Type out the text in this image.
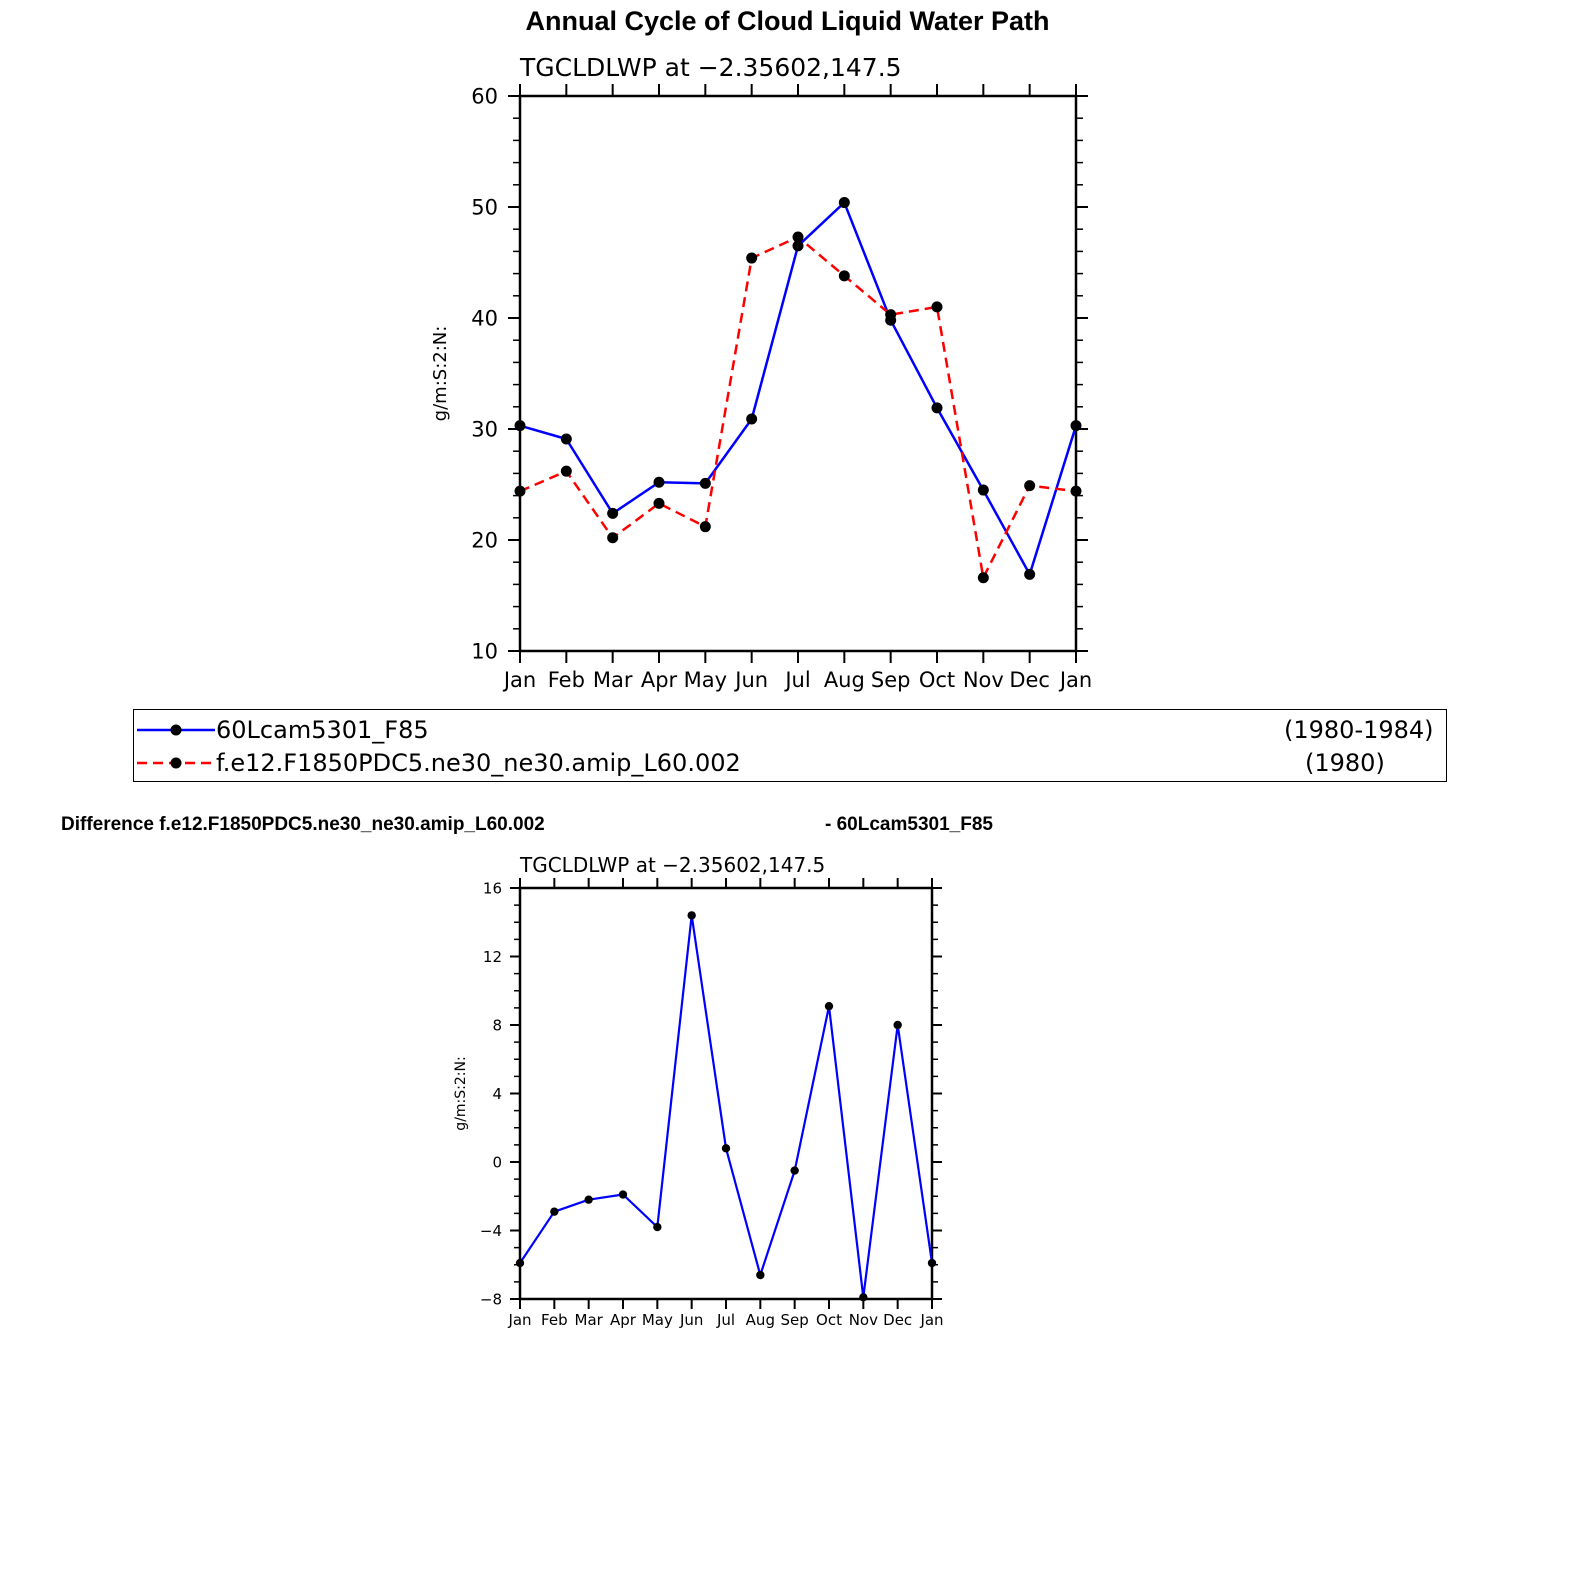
Annual Cycle of Cloud Liquid Water Path
TGCLDLWP at −2.35602,147.5
Jan Feb Mar Apr May Jun Jul Aug Sep Oct Nov Dec Jan
10
20
30
40
50
60
g/m:S:2:N:
TGCLDLWP at −2.35602,147.5
Jan Feb Mar Apr May Jun Jul Aug Sep Oct Nov Dec Jan
−8
−4
0
4
8
12
16
g/m:S:2:N:
60Lcam5301_F85	(1980-1984)
f.e12.F1850PDC5.ne30_ne30.amip_L60.002	(1980)
Difference f.e12.F1850PDC5.ne30_ne30.amip_L60.002	- 60Lcam5301_F85
